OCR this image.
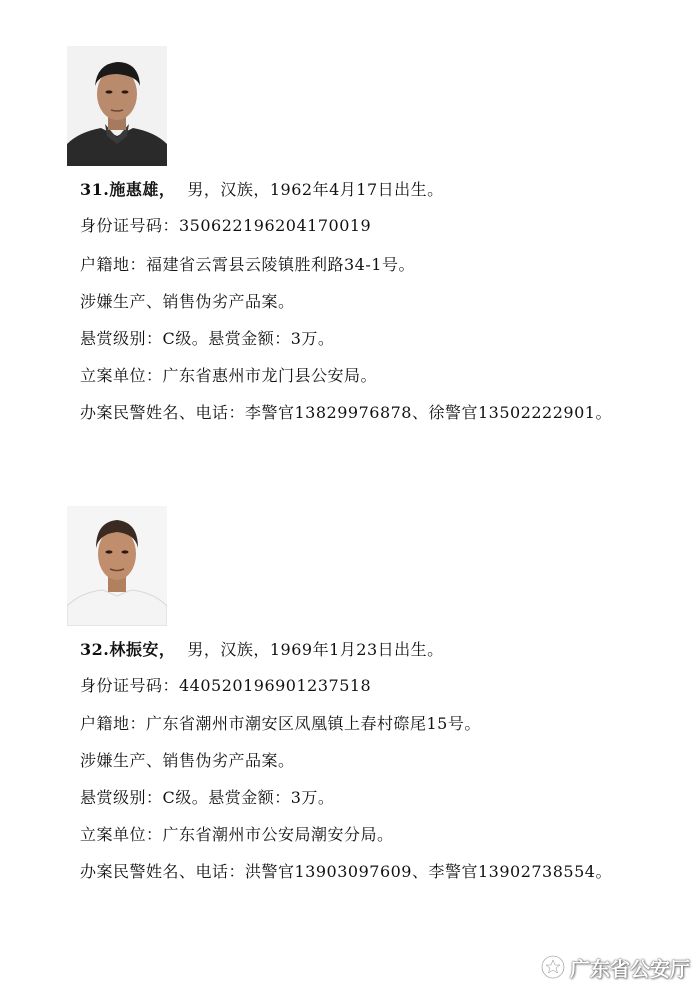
31.施惠雄， 男，汉族，1962年4月17日出生。
身份证号码：350622196204170019
户籍地：福建省云霄县云陵镇胜利路34-1号。
涉嫌生产、销售伪劣产品案。
悬赏级别：C级。悬赏金额：3万。
立案单位：广东省惠州市龙门县公安局。
办案民警姓名、电话：李警官13829976878、徐警官13502222901。
32.林振安， 男，汉族，1969年1月23日出生。
身份证号码：440520196901237518
户籍地：广东省潮州市潮安区凤凰镇上春村磜尾15号。
涉嫌生产、销售伪劣产品案。
悬赏级别：C级。悬赏金额：3万。
立案单位：广东省潮州市公安局潮安分局。
办案民警姓名、电话：洪警官13903097609、李警官13902738554。
广东省公安厅
